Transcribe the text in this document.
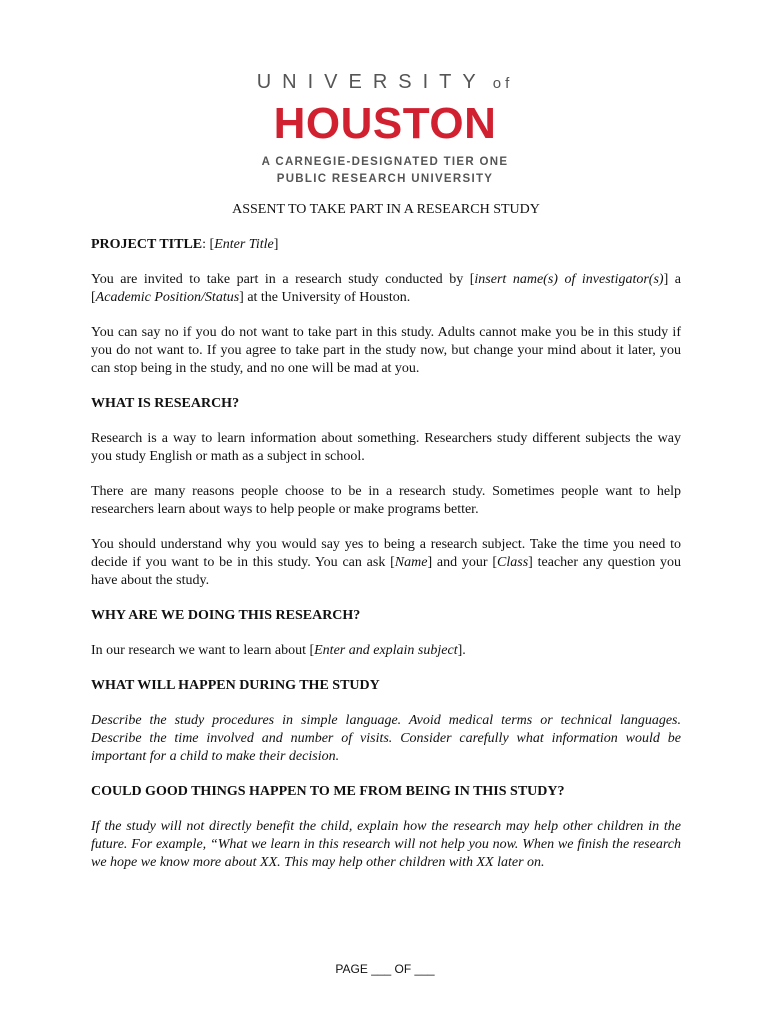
UNIVERSITY of
HOUSTON
A CARNEGIE-DESIGNATED TIER ONE
PUBLIC RESEARCH UNIVERSITY
ASSENT TO TAKE PART IN A RESEARCH STUDY

PROJECT TITLE: [Enter Title]

You are invited to take part in a research study conducted by [insert name(s) of investigator(s)] a [Academic Position/Status] at the University of Houston.

You can say no if you do not want to take part in this study. Adults cannot make you be in this study if you do not want to. If you agree to take part in the study now, but change your mind about it later, you can stop being in the study, and no one will be mad at you.

WHAT IS RESEARCH?

Research is a way to learn information about something. Researchers study different subjects the way you study English or math as a subject in school.

There are many reasons people choose to be in a research study. Sometimes people want to help researchers learn about ways to help people or make programs better.

You should understand why you would say yes to being a research subject. Take the time you need to decide if you want to be in this study. You can ask [Name] and your [Class] teacher any question you have about the study.

WHY ARE WE DOING THIS RESEARCH?

In our research we want to learn about [Enter and explain subject].

WHAT WILL HAPPEN DURING THE STUDY

Describe the study procedures in simple language. Avoid medical terms or technical languages. Describe the time involved and number of visits. Consider carefully what information would be important for a child to make their decision.

COULD GOOD THINGS HAPPEN TO ME FROM BEING IN THIS STUDY?

If the study will not directly benefit the child, explain how the research may help other children in the future. For example, “What we learn in this research will not help you now. When we finish the research we hope we know more about XX. This may help other children with XX later on.

PAGE ___ OF ___
